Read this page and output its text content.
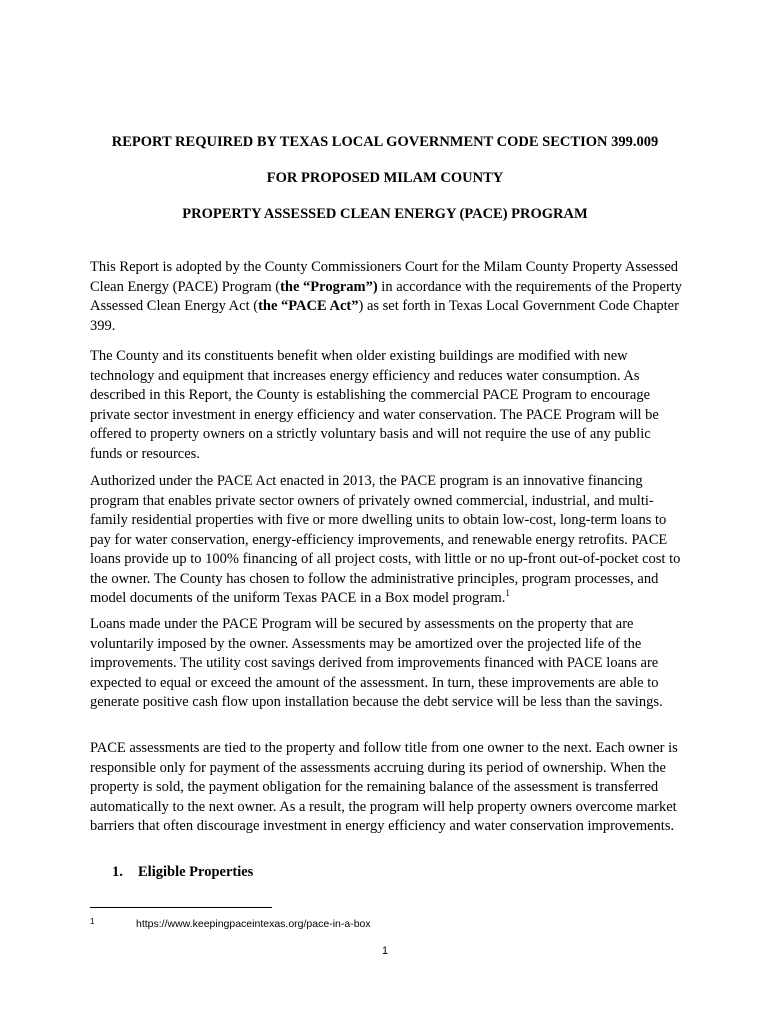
REPORT REQUIRED BY TEXAS LOCAL GOVERNMENT CODE SECTION 399.009
FOR PROPOSED MILAM COUNTY
PROPERTY ASSESSED CLEAN ENERGY (PACE) PROGRAM

This Report is adopted by the County Commissioners Court for the Milam County Property Assessed Clean Energy (PACE) Program (the “Program”) in accordance with the requirements of the Property Assessed Clean Energy Act (the “PACE Act”) as set forth in Texas Local Government Code Chapter 399.

The County and its constituents benefit when older existing buildings are modified with new technology and equipment that increases energy efficiency and reduces water consumption. As described in this Report, the County is establishing the commercial PACE Program to encourage private sector investment in energy efficiency and water conservation. The PACE Program will be offered to property owners on a strictly voluntary basis and will not require the use of any public funds or resources.

Authorized under the PACE Act enacted in 2013, the PACE program is an innovative financing program that enables private sector owners of privately owned commercial, industrial, and multi-family residential properties with five or more dwelling units to obtain low-cost, long-term loans to pay for water conservation, energy-efficiency improvements, and renewable energy retrofits. PACE loans provide up to 100% financing of all project costs, with little or no up-front out-of-pocket cost to the owner. The County has chosen to follow the administrative principles, program processes, and model documents of the uniform Texas PACE in a Box model program.$^1$

Loans made under the PACE Program will be secured by assessments on the property that are voluntarily imposed by the owner. Assessments may be amortized over the projected life of the improvements. The utility cost savings derived from improvements financed with PACE loans are expected to equal or exceed the amount of the assessment. In turn, these improvements are able to generate positive cash flow upon installation because the debt service will be less than the savings.

PACE assessments are tied to the property and follow title from one owner to the next. Each owner is responsible only for payment of the assessments accruing during its period of ownership. When the property is sold, the payment obligation for the remaining balance of the assessment is transferred automatically to the next owner. As a result, the program will help property owners overcome market barriers that often discourage investment in energy efficiency and water conservation improvements.

1. Eligible Properties
1	https://www.keepingpaceintexas.org/pace-in-a-box
1
